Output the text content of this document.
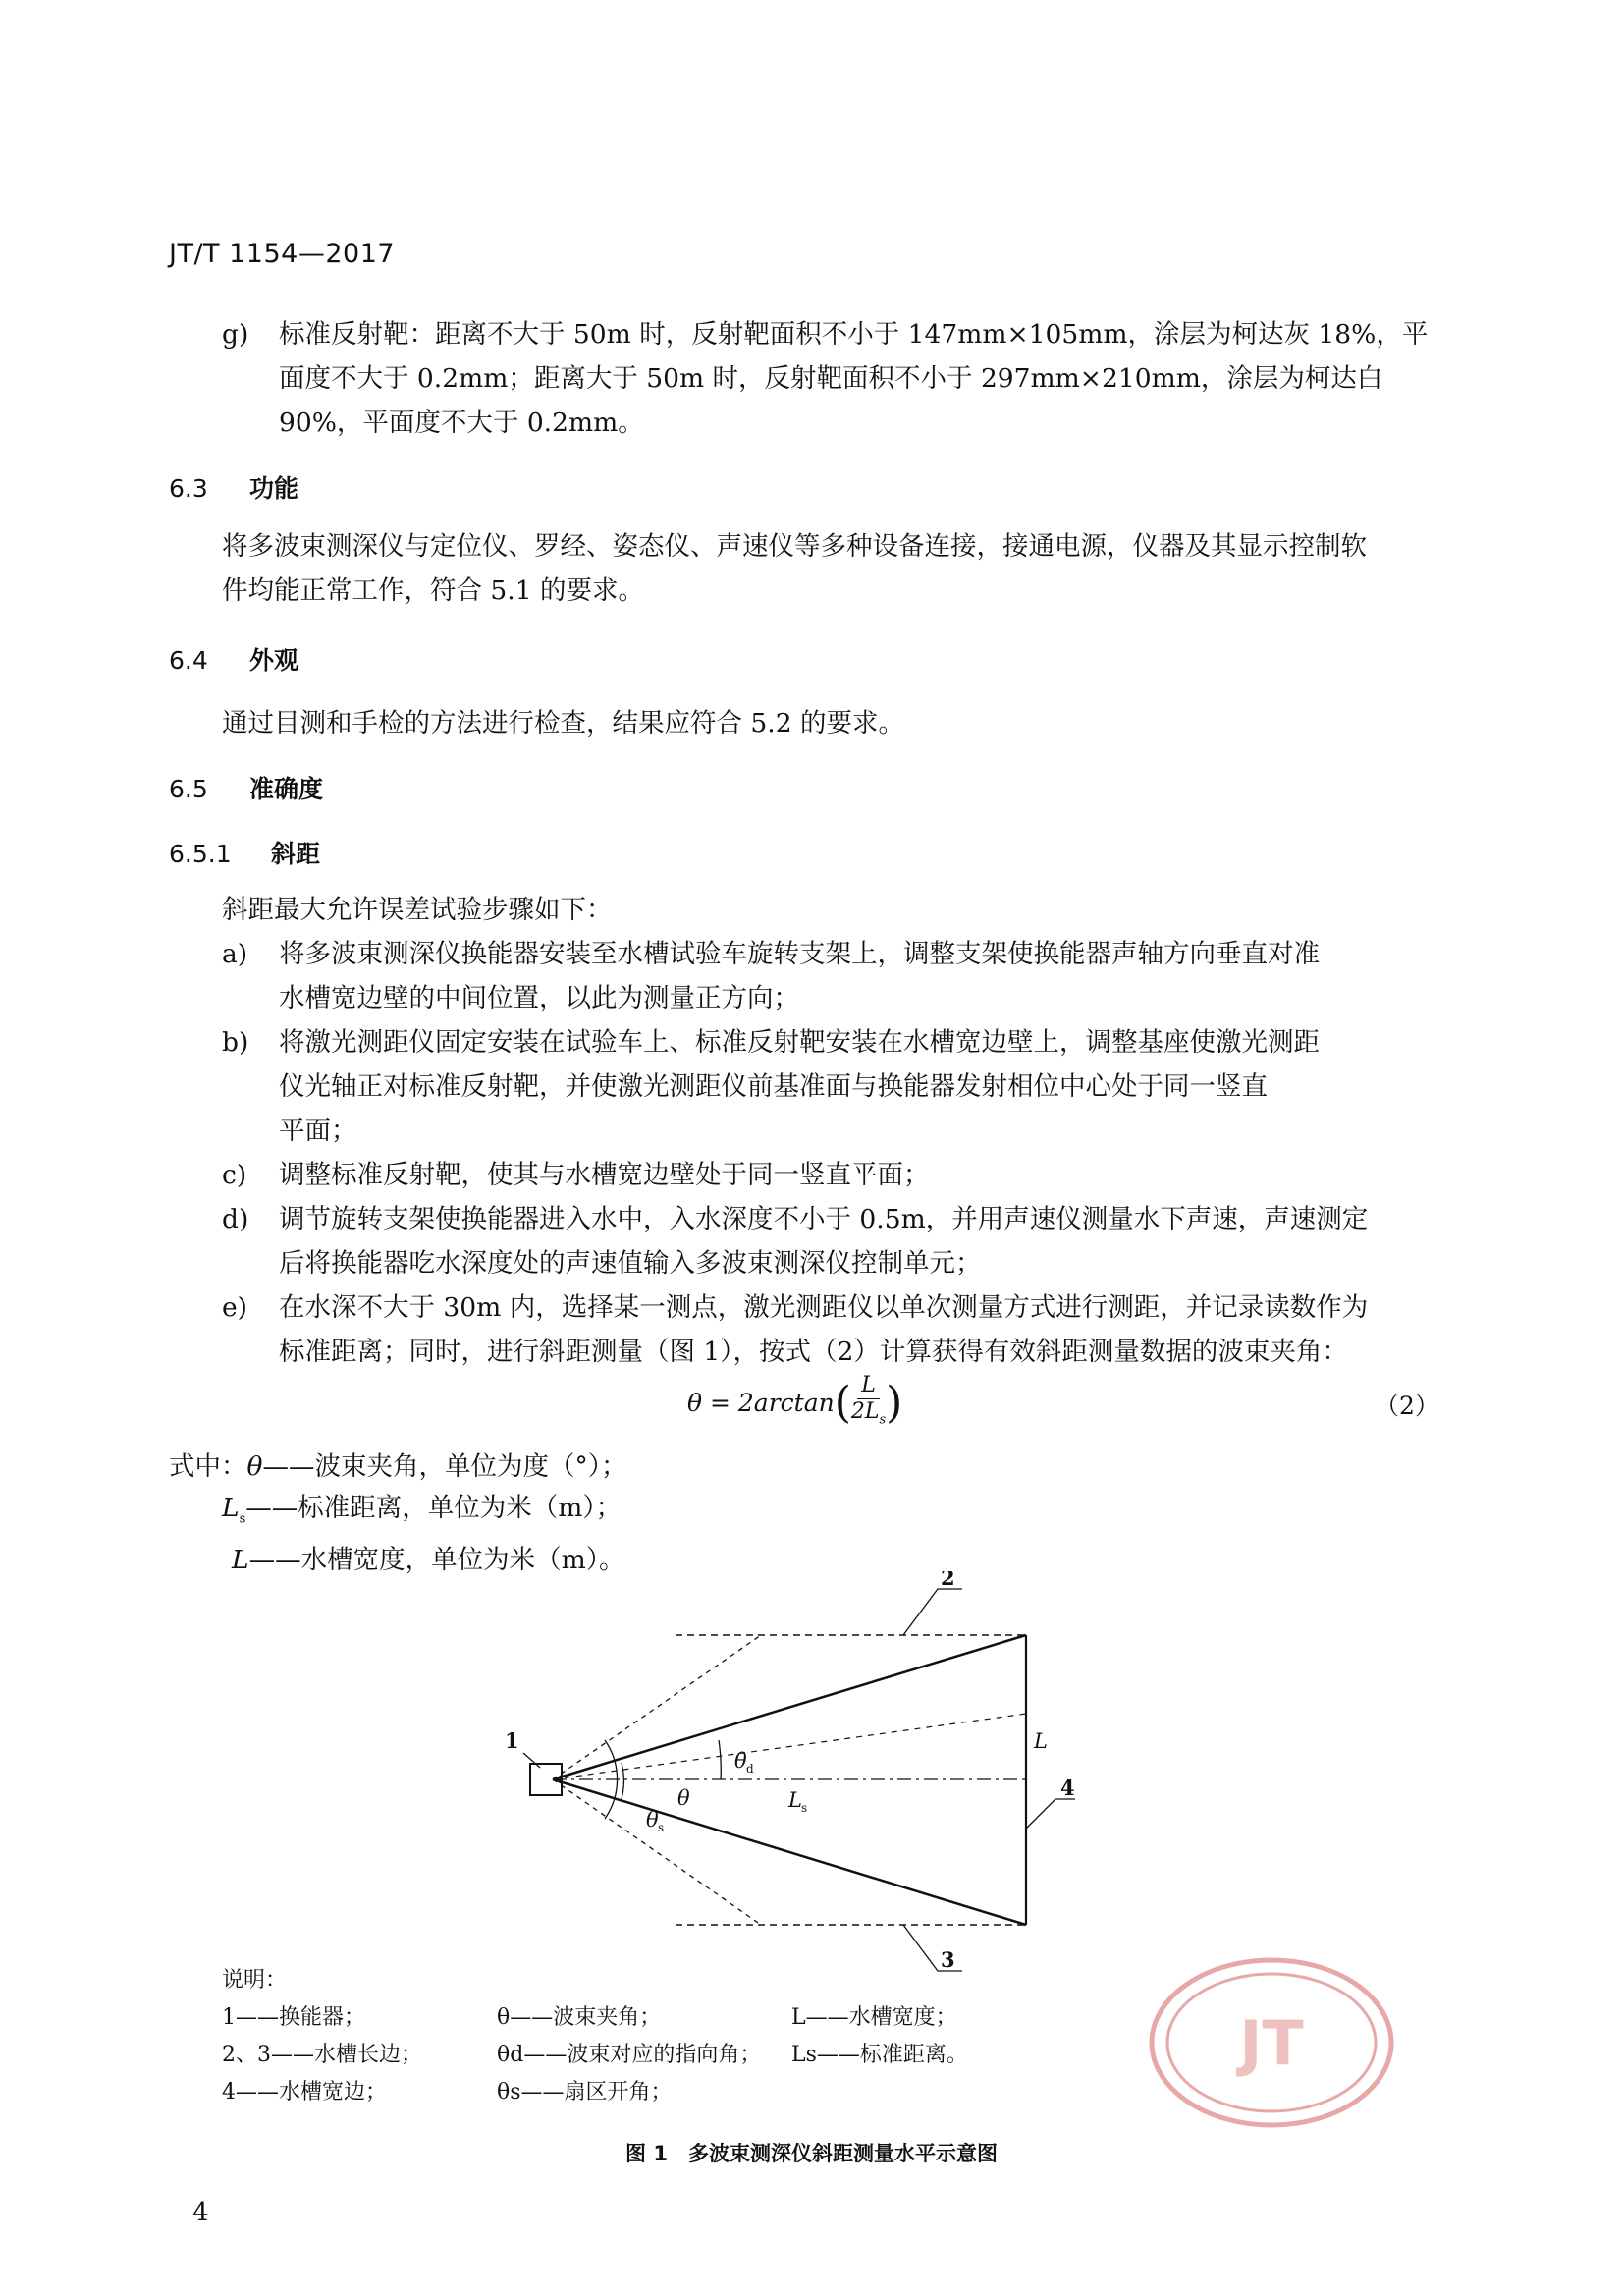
JT/T 1154—2017
g) 标准反射靶：距离不大于 50m 时，反射靶面积不小于 147mm×105mm，涂层为柯达灰 18%，平
面度不大于 0.2mm；距离大于 50m 时，反射靶面积不小于 297mm×210mm，涂层为柯达白
90%，平面度不大于 0.2mm。
6.3 功能
将多波束测深仪与定位仪、罗经、姿态仪、声速仪等多种设备连接，接通电源，仪器及其显示控制软
件均能正常工作，符合 5.1 的要求。
6.4 外观
通过目测和手检的方法进行检查，结果应符合 5.2 的要求。
6.5 准确度
6.5.1 斜距
斜距最大允许误差试验步骤如下：
a) 将多波束测深仪换能器安装至水槽试验车旋转支架上，调整支架使换能器声轴方向垂直对准
水槽宽边壁的中间位置，以此为测量正方向；
b) 将激光测距仪固定安装在试验车上、标准反射靶安装在水槽宽边壁上，调整基座使激光测距
仪光轴正对标准反射靶，并使激光测距仪前基准面与换能器发射相位中心处于同一竖直
平面；
c) 调整标准反射靶，使其与水槽宽边壁处于同一竖直平面；
d) 调节旋转支架使换能器进入水中，入水深度不小于 0.5m，并用声速仪测量水下声速，声速测定
后将换能器吃水深度处的声速值输入多波束测深仪控制单元；
e) 在水深不大于 30m 内，选择某一测点，激光测距仪以单次测量方式进行测距，并记录读数作为
标准距离；同时，进行斜距测量（图 1），按式（2）计算获得有效斜距测量数据的波束夹角：
θ = 2arctan ( $\frac{L}{2L_s}$ )	（2）
式中： θ ——波束夹角，单位为度（°）；
$L_s——$标准距离，单位为米（m）；
L——水槽宽度，单位为米（m）。
1
2
3
4
L
θ
θ d
θ s
L s
说明：
1——换能器；	θ——波束夹角；	L——水槽宽度；
2、3——水槽长边；	θd——波束对应的指向角；	Ls——标准距离。
4——水槽宽边；	θs——扇区开角；
JT
图 1　多波束测深仪斜距测量水平示意图
4
